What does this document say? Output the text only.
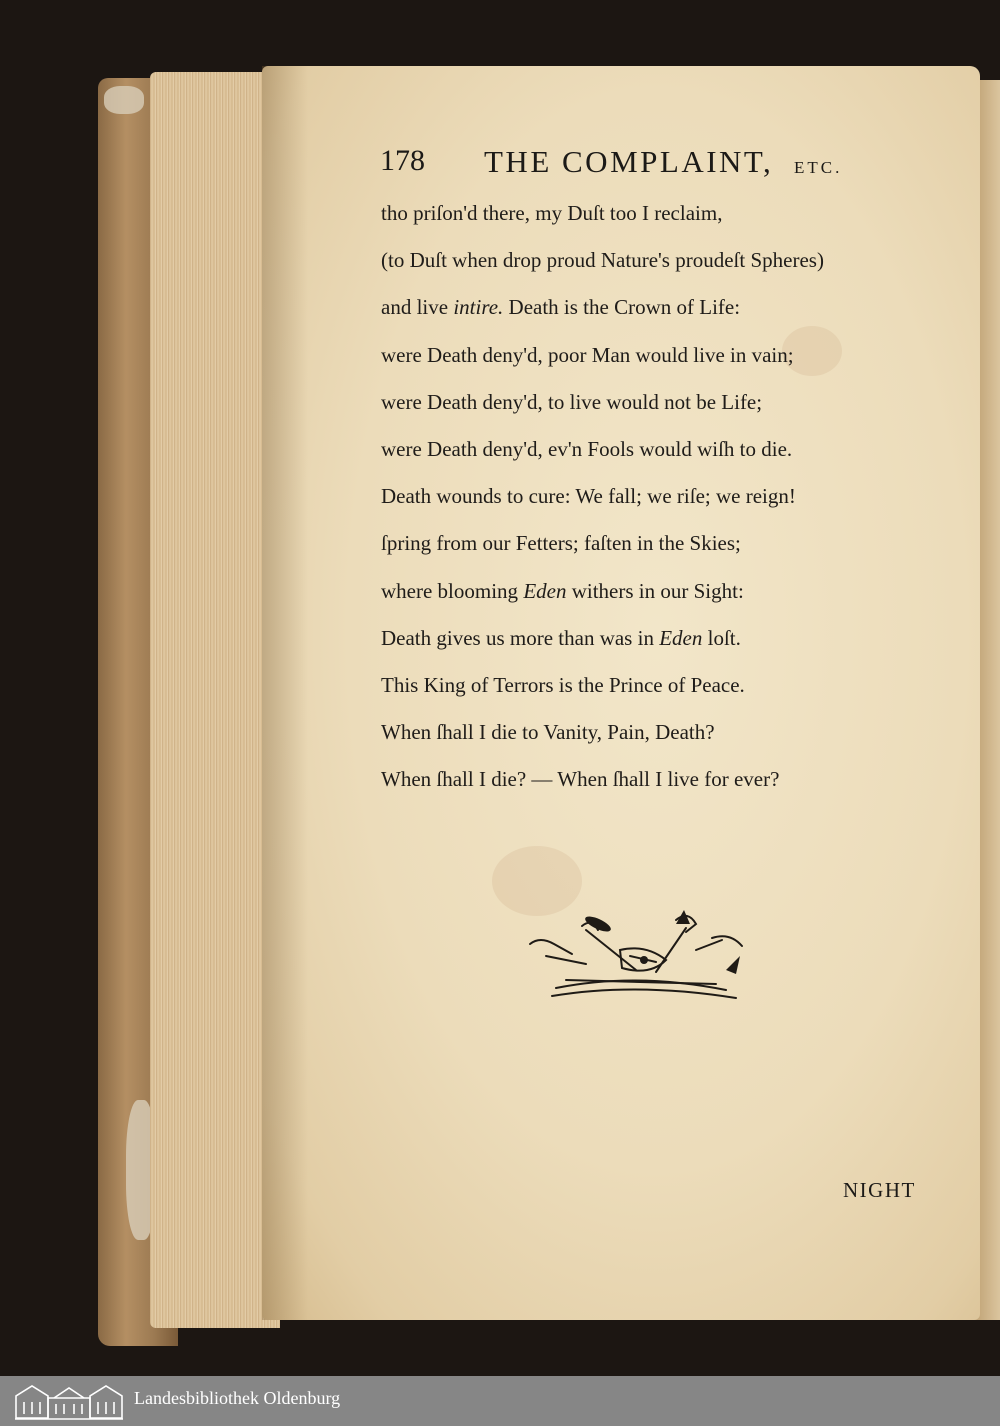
178 THE COMPLAINT, ETC.
tho priſon'd there, my Duſt too I reclaim,
(to Duſt when drop proud Nature's proudeſt Spheres)
and live intire. Death is the Crown of Life:
were Death deny'd, poor Man would live in vain;
were Death deny'd, to live would not be Life;
were Death deny'd, ev'n Fools would wiſh to die.
Death wounds to cure: We fall; we riſe; we reign!
ſpring from our Fetters; faſten in the Skies;
where blooming Eden withers in our Sight:
Death gives us more than was in Eden loſt.
This King of Terrors is the Prince of Peace.
When ſhall I die to Vanity, Pain, Death?
When ſhall I die? — When ſhall I live for ever?
NIGHT
Landesbibliothek Oldenburg
